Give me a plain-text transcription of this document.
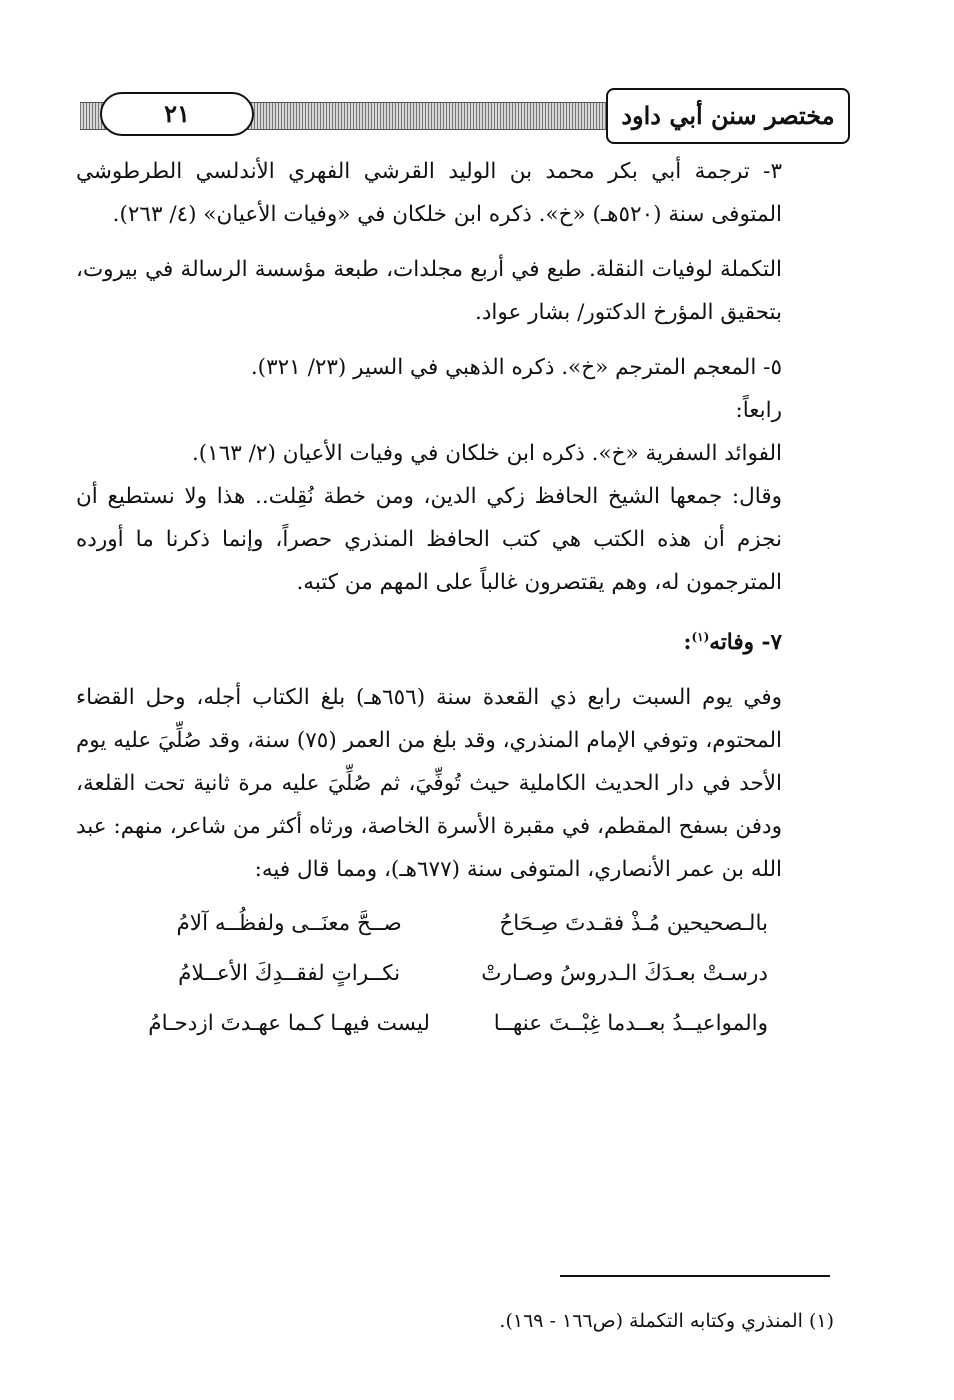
٢١	مختصر سنن أبي داود

٣- ترجمة أبي بكر محمد بن الوليد القرشي الفهري الأندلسي الطرطوشي المتوفى سنة (٥٢٠هـ) «خ». ذكره ابن خلكان في «وفيات الأعيان» (٤/ ٢٦٣).

التكملة لوفيات النقلة. طبع في أربع مجلدات، طبعة مؤسسة الرسالة في بيروت، بتحقيق المؤرخ الدكتور/ بشار عواد.

٥- المعجم المترجم «خ». ذكره الذهبي في السير (٢٣/ ٣٢١).

رابعاً:

الفوائد السفرية «خ». ذكره ابن خلكان في وفيات الأعيان (٢/ ١٦٣).

وقال: جمعها الشيخ الحافظ زكي الدين، ومن خطة نُقِلت.. هذا ولا نستطيع أن نجزم أن هذه الكتب هي كتب الحافظ المنذري حصراً، وإنما ذكرنا ما أورده المترجمون له، وهم يقتصرون غالباً على المهم من كتبه.

٧- وفاته$^{(١)}$:

وفي يوم السبت رابع ذي القعدة سنة (٦٥٦هـ) بلغ الكتاب أجله، وحل القضاء المحتوم، وتوفي الإمام المنذري، وقد بلغ من العمر (٧٥) سنة، وقد صُلِّيَ عليه يوم الأحد في دار الحديث الكاملية حيث تُوفِّيَ، ثم صُلِّيَ عليه مرة ثانية تحت القلعة، ودفن بسفح المقطم، في مقبرة الأسرة الخاصة، ورثاه أكثر من شاعر، منهم: عبد الله بن عمر الأنصاري، المتوفى سنة (٦٧٧هـ)، ومما قال فيه:

بالـصحيحين مُـذْ فقـدتَ صِـحَاحُ
صــحَّ معنَــى ولفظُــه آلامُ
درسـتْ بعـدَكَ الـدروسُ وصـارتْ
نكــراتٍ لفقــدِكَ الأعــلامُ
والمواعيــدُ بعــدما غِبْــتَ عنهــا
ليست فيهـا كـما عهـدتَ ازدحـامُ
(١) المنذري وكتابه التكملة (ص١٦٦ - ١٦٩).
